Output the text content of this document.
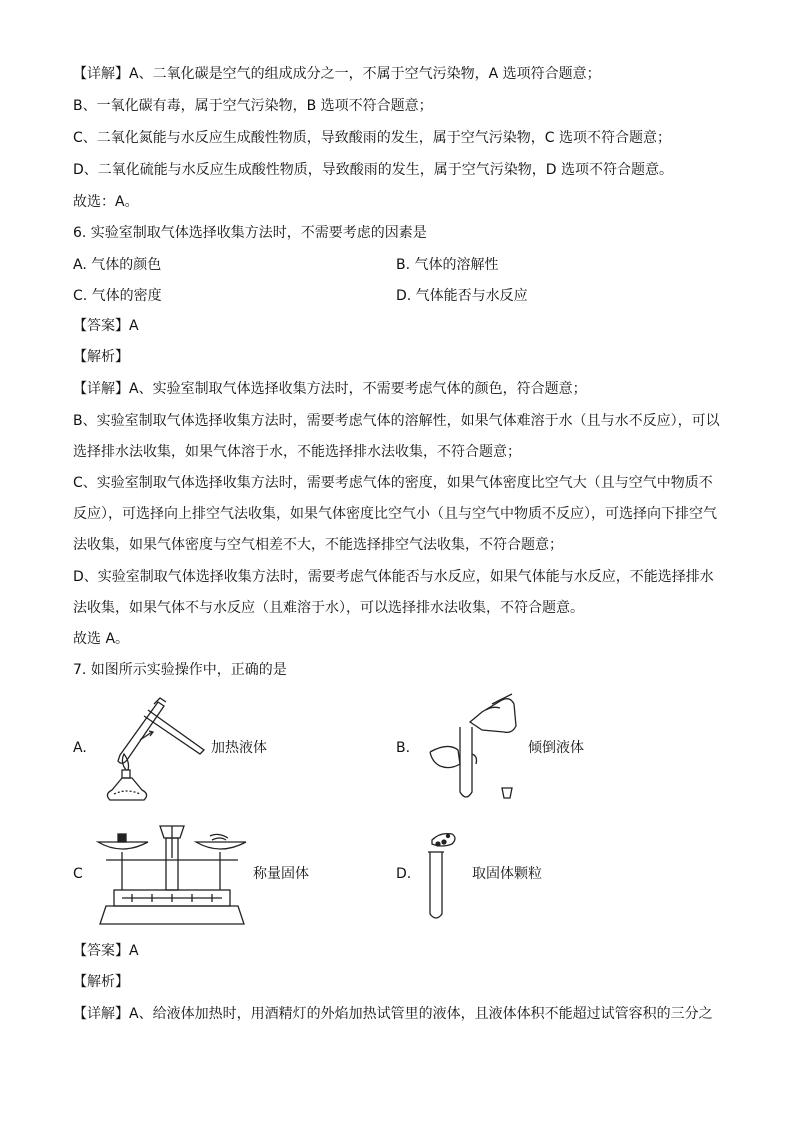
【详解】A、二氧化碳是空气的组成成分之一，不属于空气污染物，A 选项符合题意；
B、一氧化碳有毒，属于空气污染物，B 选项不符合题意；
C、二氧化氮能与水反应生成酸性物质，导致酸雨的发生，属于空气污染物，C 选项不符合题意；
D、二氧化硫能与水反应生成酸性物质，导致酸雨的发生，属于空气污染物，D 选项不符合题意。
故选：A。
6. 实验室制取气体选择收集方法时，不需要考虑的因素是
A. 气体的颜色	B. 气体的溶解性
C. 气体的密度	D. 气体能否与水反应
【答案】A
【解析】
【详解】A、实验室制取气体选择收集方法时，不需要考虑气体的颜色，符合题意；
B、实验室制取气体选择收集方法时，需要考虑气体的溶解性，如果气体难溶于水（且与水不反应），可以
选择排水法收集，如果气体溶于水，不能选择排水法收集，不符合题意；
C、实验室制取气体选择收集方法时，需要考虑气体的密度，如果气体密度比空气大（且与空气中物质不
反应），可选择向上排空气法收集，如果气体密度比空气小（且与空气中物质不反应），可选择向下排空气
法收集，如果气体密度与空气相差不大，不能选择排空气法收集，不符合题意；
D、实验室制取气体选择收集方法时，需要考虑气体能否与水反应，如果气体能与水反应，不能选择排水
法收集，如果气体不与水反应（且难溶于水），可以选择排水法收集，不符合题意。
故选 A。
7. 如图所示实验操作中，正确的是
A.	加热液体	B.	倾倒液体
C	称量固体	D.	取固体颗粒
【答案】A
【解析】
【详解】A、给液体加热时，用酒精灯的外焰加热试管里的液体，且液体体积不能超过试管容积的三分之
